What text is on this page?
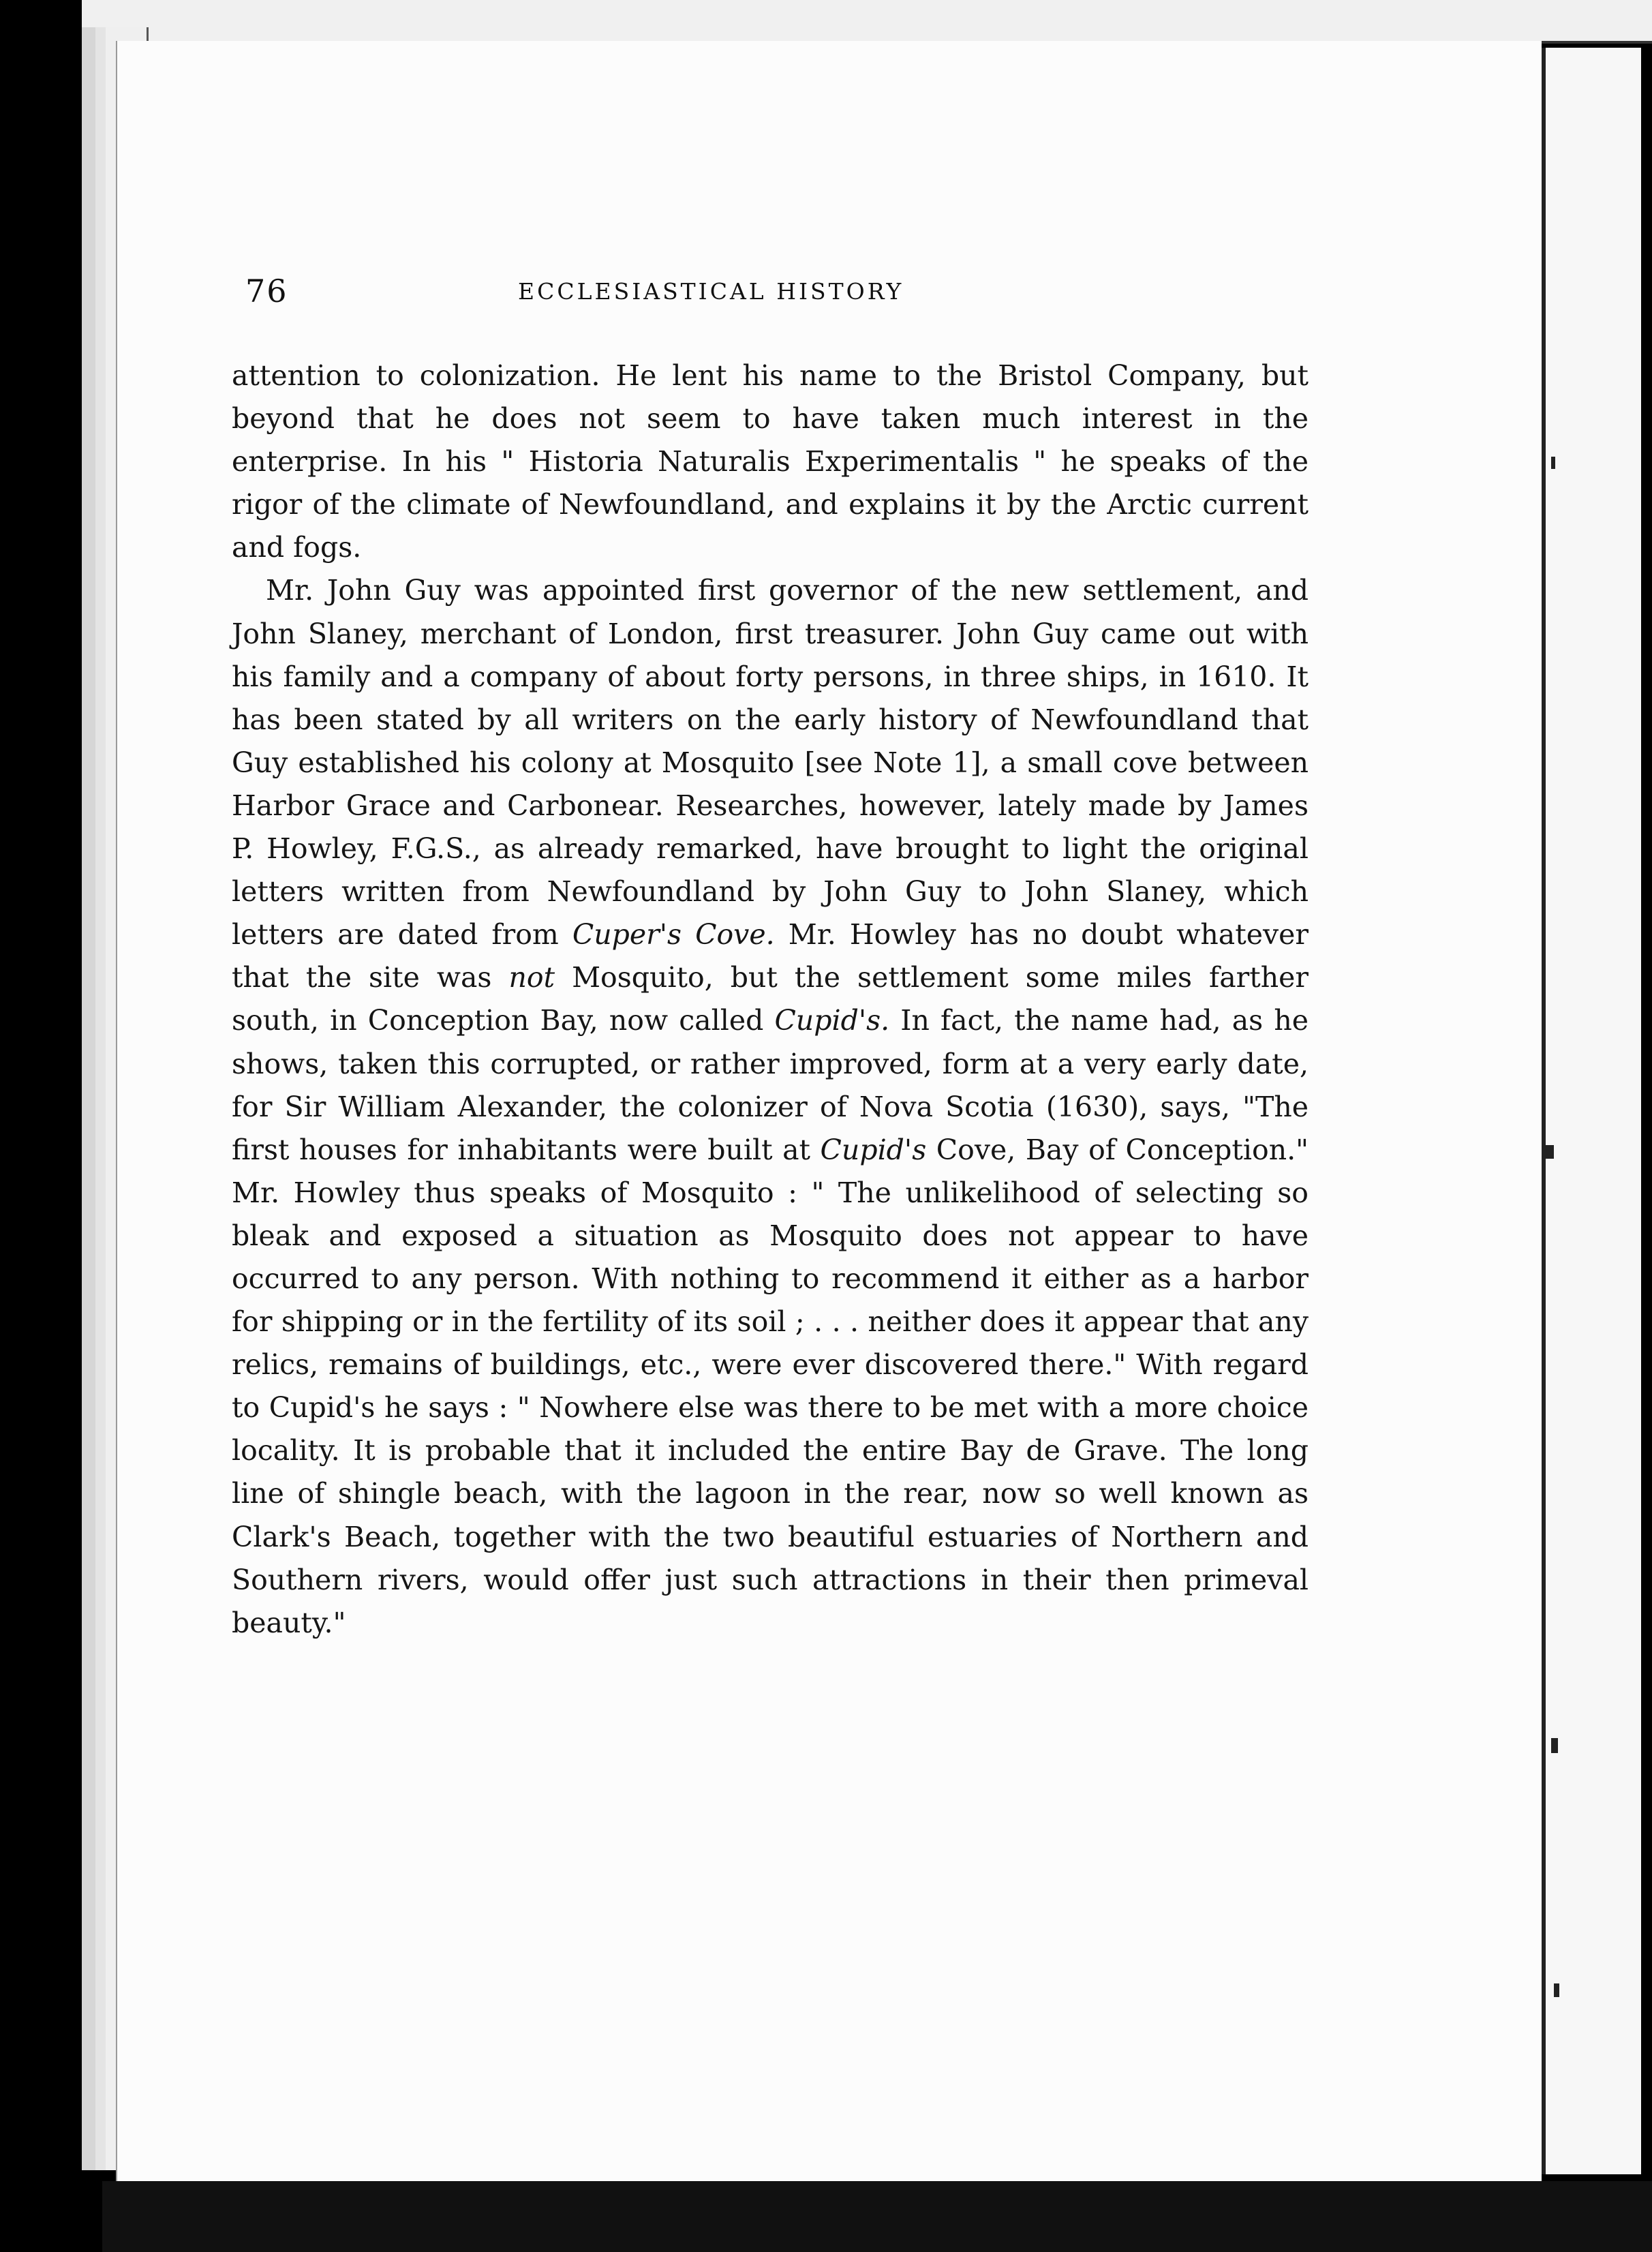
76	ECCLESIASTICAL HISTORY

attention to colonization. He lent his name to the Bristol Company, but beyond that he does not seem to have taken much interest in the enterprise. In his " Historia Naturalis Experimentalis " he speaks of the rigor of the climate of Newfoundland, and explains it by the Arctic current and fogs.

Mr. John Guy was appointed first governor of the new settlement, and John Slaney, merchant of London, first treasurer. John Guy came out with his family and a company of about forty persons, in three ships, in 1610. It has been stated by all writers on the early history of Newfoundland that Guy established his colony at Mosquito [see Note 1], a small cove between Harbor Grace and Carbonear. Researches, however, lately made by James P. Howley, F.G.S., as already remarked, have brought to light the original letters written from Newfoundland by John Guy to John Slaney, which letters are dated from Cuper's Cove. Mr. Howley has no doubt whatever that the site was not Mosquito, but the settlement some miles farther south, in Conception Bay, now called Cupid's. In fact, the name had, as he shows, taken this corrupted, or rather improved, form at a very early date, for Sir William Alexander, the colonizer of Nova Scotia (1630), says, "The first houses for inhabitants were built at Cupid's Cove, Bay of Conception." Mr. Howley thus speaks of Mosquito : " The unlikelihood of selecting so bleak and exposed a situation as Mosquito does not appear to have occurred to any person. With nothing to recommend it either as a harbor for shipping or in the fertility of its soil ; . . . neither does it appear that any relics, remains of buildings, etc., were ever discovered there." With regard to Cupid's he says : " Nowhere else was there to be met with a more choice locality. It is probable that it included the entire Bay de Grave. The long line of shingle beach, with the lagoon in the rear, now so well known as Clark's Beach, together with the two beautiful estuaries of Northern and Southern rivers, would offer just such attractions in their then primeval beauty."
